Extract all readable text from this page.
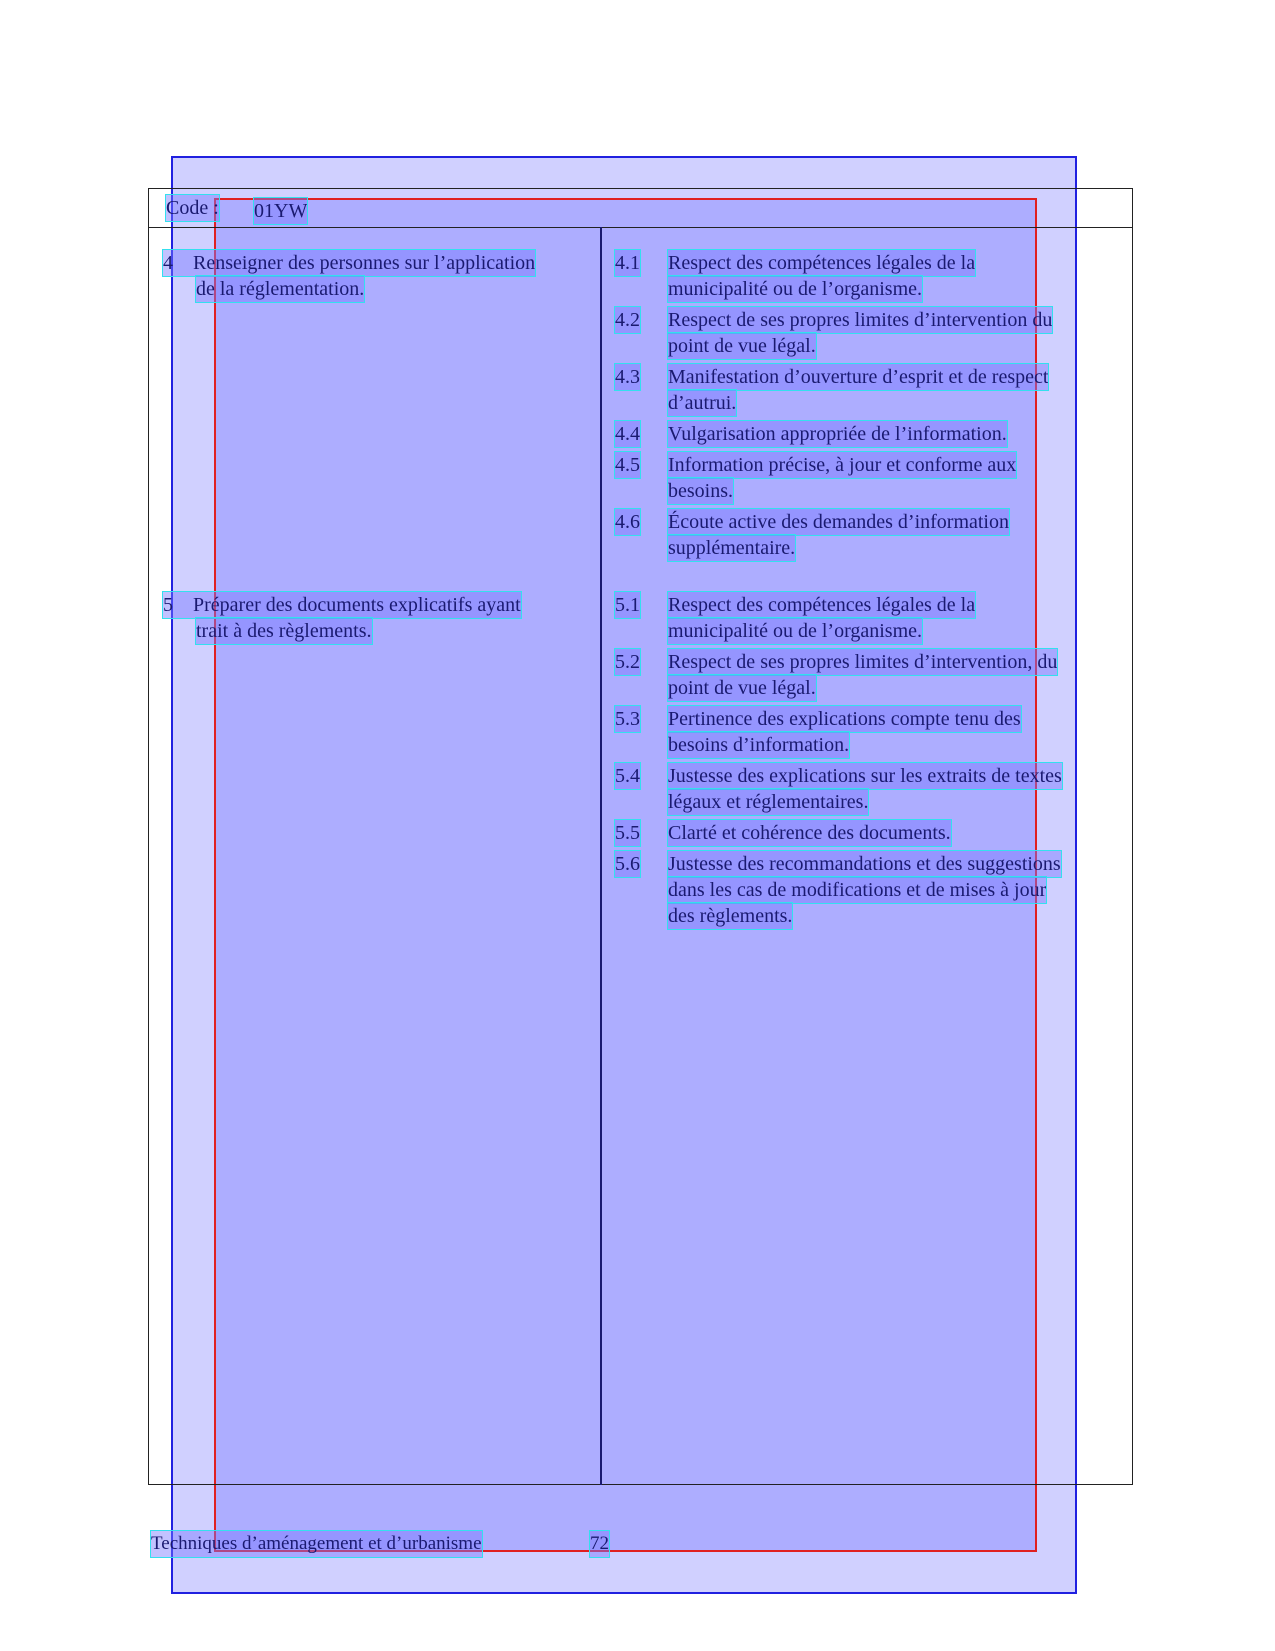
Code : 01YW
4 Renseigner des personnes sur l’application
de la réglementation.
5 Préparer des documents explicatifs ayant
trait à des règlements.
4.1 Respect des compétences légales de la
municipalité ou de l’organisme.
4.2 Respect de ses propres limites d’intervention du
point de vue légal.
4.3 Manifestation d’ouverture d’esprit et de respect
d’autrui.
4.4 Vulgarisation appropriée de l’information.
4.5 Information précise, à jour et conforme aux
besoins.
4.6 Écoute active des demandes d’information
supplémentaire.
5.1 Respect des compétences légales de la
municipalité ou de l’organisme.
5.2 Respect de ses propres limites d’intervention, du
point de vue légal.
5.3 Pertinence des explications compte tenu des
besoins d’information.
5.4 Justesse des explications sur les extraits de textes
légaux et réglementaires.
5.5 Clarté et cohérence des documents.
5.6 Justesse des recommandations et des suggestions
dans les cas de modifications et de mises à jour
des règlements.
Techniques d’aménagement et d’urbanisme	72
